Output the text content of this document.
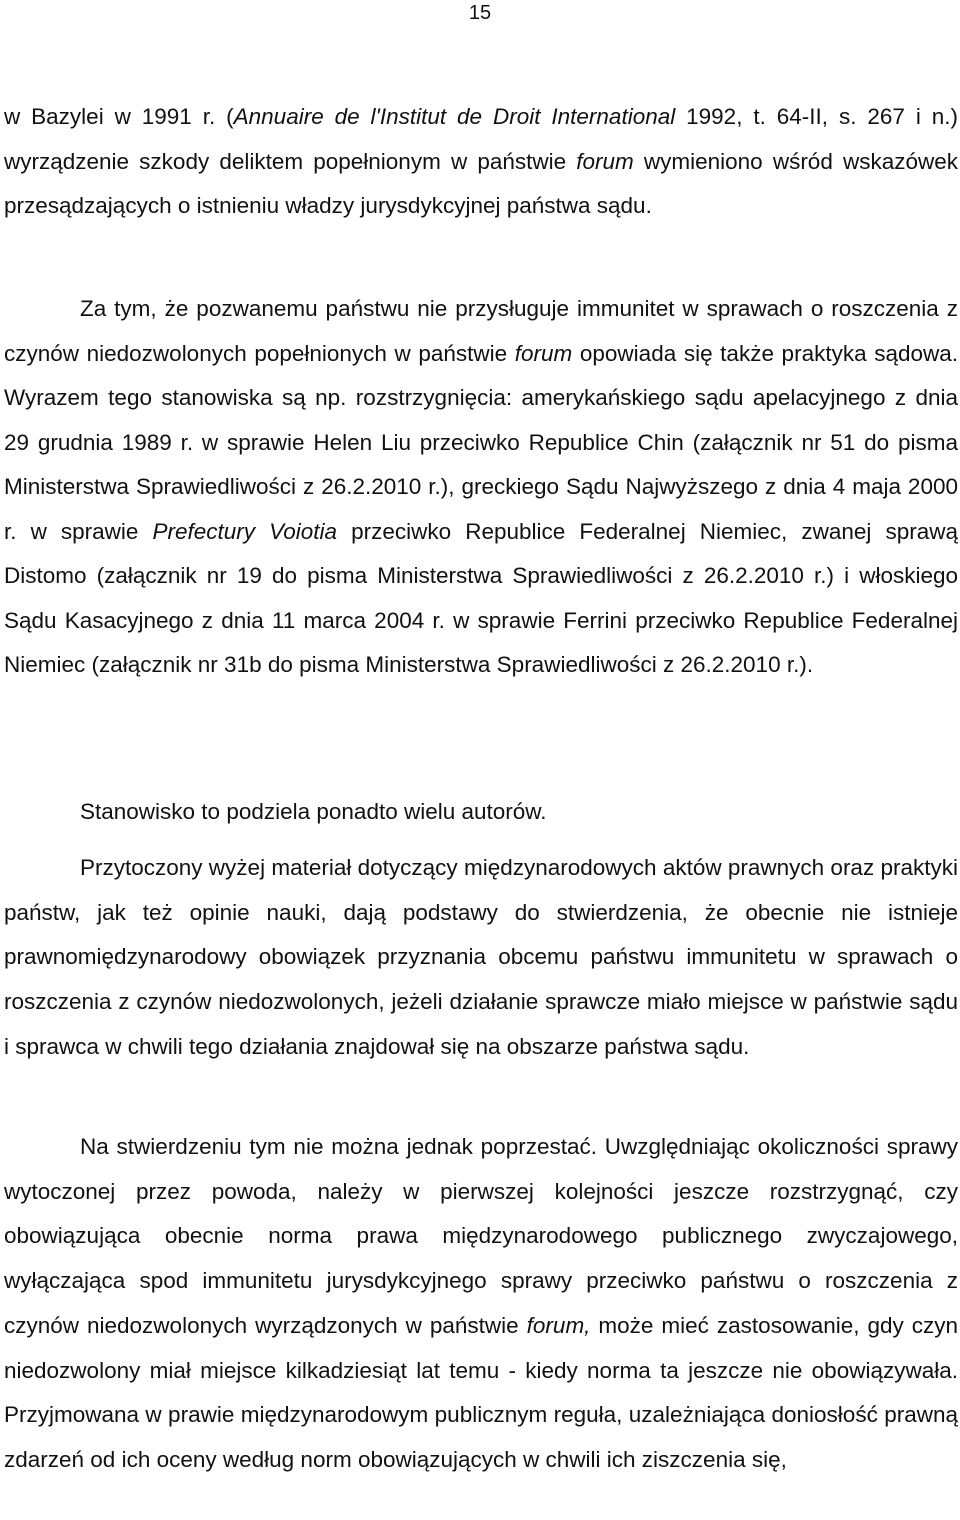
15

w Bazylei w 1991 r. (Annuaire de l'Institut de Droit International 1992, t. 64-II, s. 267 i n.) wyrządzenie szkody deliktem popełnionym w państwie forum wymieniono wśród wskazówek przesądzających o istnieniu władzy jurysdykcyjnej państwa sądu.

Za tym, że pozwanemu państwu nie przysługuje immunitet w sprawach o roszczenia z czynów niedozwolonych popełnionych w państwie forum opowiada się także praktyka sądowa. Wyrazem tego stanowiska są np. rozstrzygnięcia: amerykańskiego sądu apelacyjnego z dnia 29 grudnia 1989 r. w sprawie Helen Liu przeciwko Republice Chin (załącznik nr 51 do pisma Ministerstwa Sprawiedliwości z 26.2.2010 r.), greckiego Sądu Najwyższego z dnia 4 maja 2000 r. w sprawie Prefectury Voiotia przeciwko Republice Federalnej Niemiec, zwanej sprawą Distomo (załącznik nr 19 do pisma Ministerstwa Sprawiedliwości z 26.2.2010 r.) i włoskiego Sądu Kasacyjnego z dnia 11 marca 2004 r. w sprawie Ferrini przeciwko Republice Federalnej Niemiec (załącznik nr 31b do pisma Ministerstwa Sprawiedliwości z 26.2.2010 r.).

Stanowisko to podziela ponadto wielu autorów.

Przytoczony wyżej materiał dotyczący międzynarodowych aktów prawnych oraz praktyki państw, jak też opinie nauki, dają podstawy do stwierdzenia, że obecnie nie istnieje prawnomiędzynarodowy obowiązek przyznania obcemu państwu immunitetu w sprawach o roszczenia z czynów niedozwolonych, jeżeli działanie sprawcze miało miejsce w państwie sądu i sprawca w chwili tego działania znajdował się na obszarze państwa sądu.

Na stwierdzeniu tym nie można jednak poprzestać. Uwzględniając okoliczności sprawy wytoczonej przez powoda, należy w pierwszej kolejności jeszcze rozstrzygnąć, czy obowiązująca obecnie norma prawa międzynarodowego publicznego zwyczajowego, wyłączająca spod immunitetu jurysdykcyjnego sprawy przeciwko państwu o roszczenia z czynów niedozwolonych wyrządzonych w państwie forum, może mieć zastosowanie, gdy czyn niedozwolony miał miejsce kilkadziesiąt lat temu - kiedy norma ta jeszcze nie obowiązywała. Przyjmowana w prawie międzynarodowym publicznym reguła, uzależniająca doniosłość prawną zdarzeń od ich oceny według norm obowiązujących w chwili ich ziszczenia się,
